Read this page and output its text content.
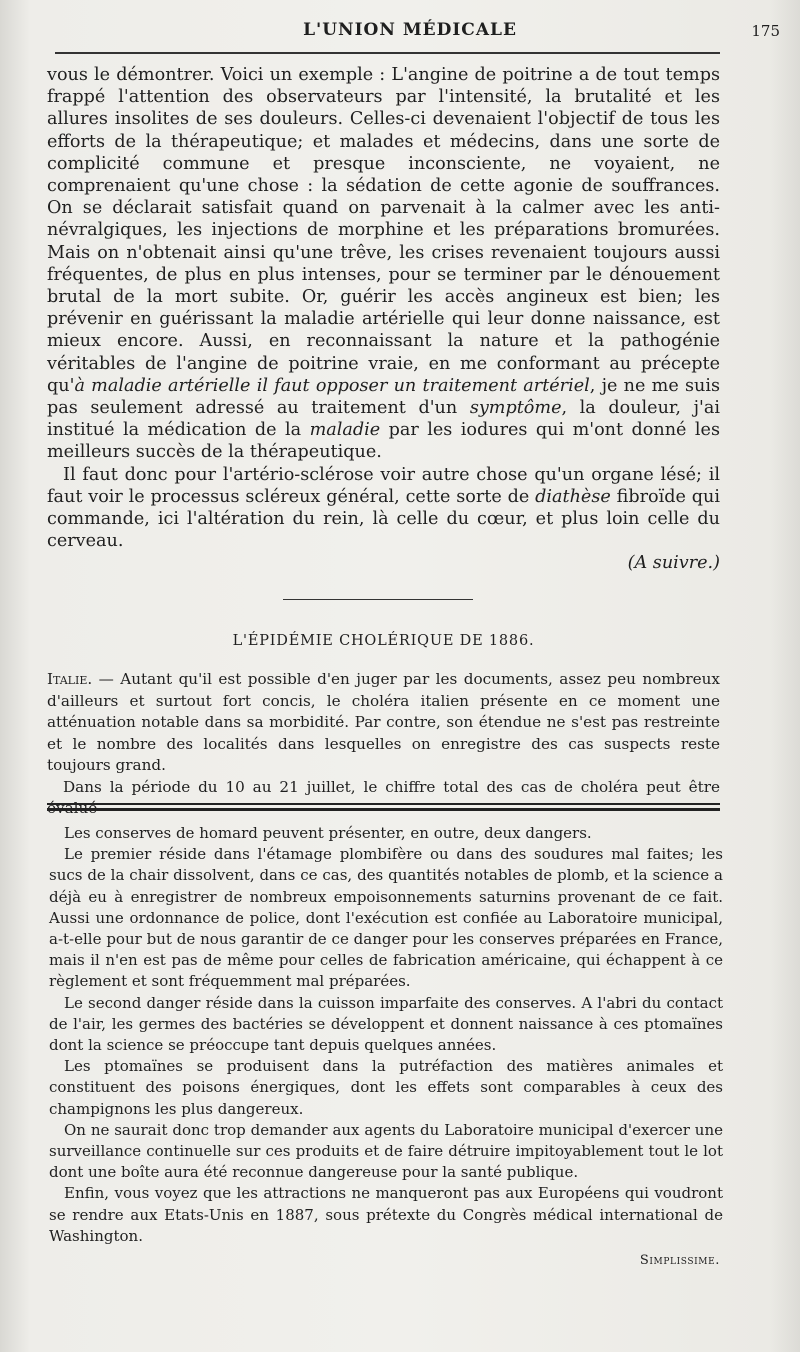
L'UNION MÉDICALE	175

vous le démontrer. Voici un exemple : L'angine de poitrine a de tout temps frappé l'attention des observateurs par l'intensité, la brutalité et les allures insolites de ses douleurs. Celles-ci devenaient l'objectif de tous les efforts de la thérapeutique; et malades et médecins, dans une sorte de complicité commune et presque inconsciente, ne voyaient, ne comprenaient qu'une chose : la sédation de cette agonie de souffrances. On se déclarait satisfait quand on parvenait à la calmer avec les anti-névralgiques, les injections de morphine et les préparations bromurées. Mais on n'obtenait ainsi qu'une trêve, les crises revenaient toujours aussi fréquentes, de plus en plus intenses, pour se terminer par le dénouement brutal de la mort subite. Or, guérir les accès angineux est bien; les prévenir en guérissant la maladie artérielle qui leur donne naissance, est mieux encore. Aussi, en reconnaissant la nature et la pathogénie véritables de l'angine de poitrine vraie, en me conformant au précepte qu'à maladie artérielle il faut opposer un traitement artériel, je ne me suis pas seulement adressé au traitement d'un symptôme, la douleur, j'ai institué la médication de la maladie par les iodures qui m'ont donné les meilleurs succès de la thérapeutique.

Il faut donc pour l'artério-sclérose voir autre chose qu'un organe lésé; il faut voir le processus scléreux général, cette sorte de diathèse fibroïde qui commande, ici l'altération du rein, là celle du cœur, et plus loin celle du cerveau.

(A suivre.)
L'ÉPIDÉMIE CHOLÉRIQUE DE 1886.

Italie. — Autant qu'il est possible d'en juger par les documents, assez peu nombreux d'ailleurs et surtout fort concis, le choléra italien présente en ce moment une atténuation notable dans sa morbidité. Par contre, son étendue ne s'est pas restreinte et le nombre des localités dans lesquelles on enregistre des cas suspects reste toujours grand.

Dans la période du 10 au 21 juillet, le chiffre total des cas de choléra peut être

Les conserves de homard peuvent présenter, en outre, deux dangers.

Le premier réside dans l'étamage plombifère ou dans des soudures mal faites; les sucs de la chair dissolvent, dans ce cas, des quantités notables de plomb, et la science a déjà eu à enregistrer de nombreux empoisonnements saturnins provenant de ce fait. Aussi une ordonnance de police, dont l'exécution est confiée au Laboratoire municipal, a-t-elle pour but de nous garantir de ce danger pour les conserves préparées en France, mais il n'en est pas de même pour celles de fabrication américaine, qui échappent à ce règlement et sont fréquemment mal préparées.

Le second danger réside dans la cuisson imparfaite des conserves. A l'abri du contact de l'air, les germes des bactéries se développent et donnent naissance à ces ptomaïnes dont la science se préoccupe tant depuis quelques années.

Les ptomaïnes se produisent dans la putréfaction des matières animales et constituent des poisons énergiques, dont les effets sont comparables à ceux des champignons les plus dangereux.

On ne saurait donc trop demander aux agents du Laboratoire municipal d'exercer une surveillance continuelle sur ces produits et de faire détruire impitoyablement tout le lot dont une boîte aura été reconnue dangereuse pour la santé publique.

Enfin, vous voyez que les attractions ne manqueront pas aux Européens qui voudront se rendre aux Etats-Unis en 1887, sous prétexte du Congrès médical international de Washington.

Simplissime.
